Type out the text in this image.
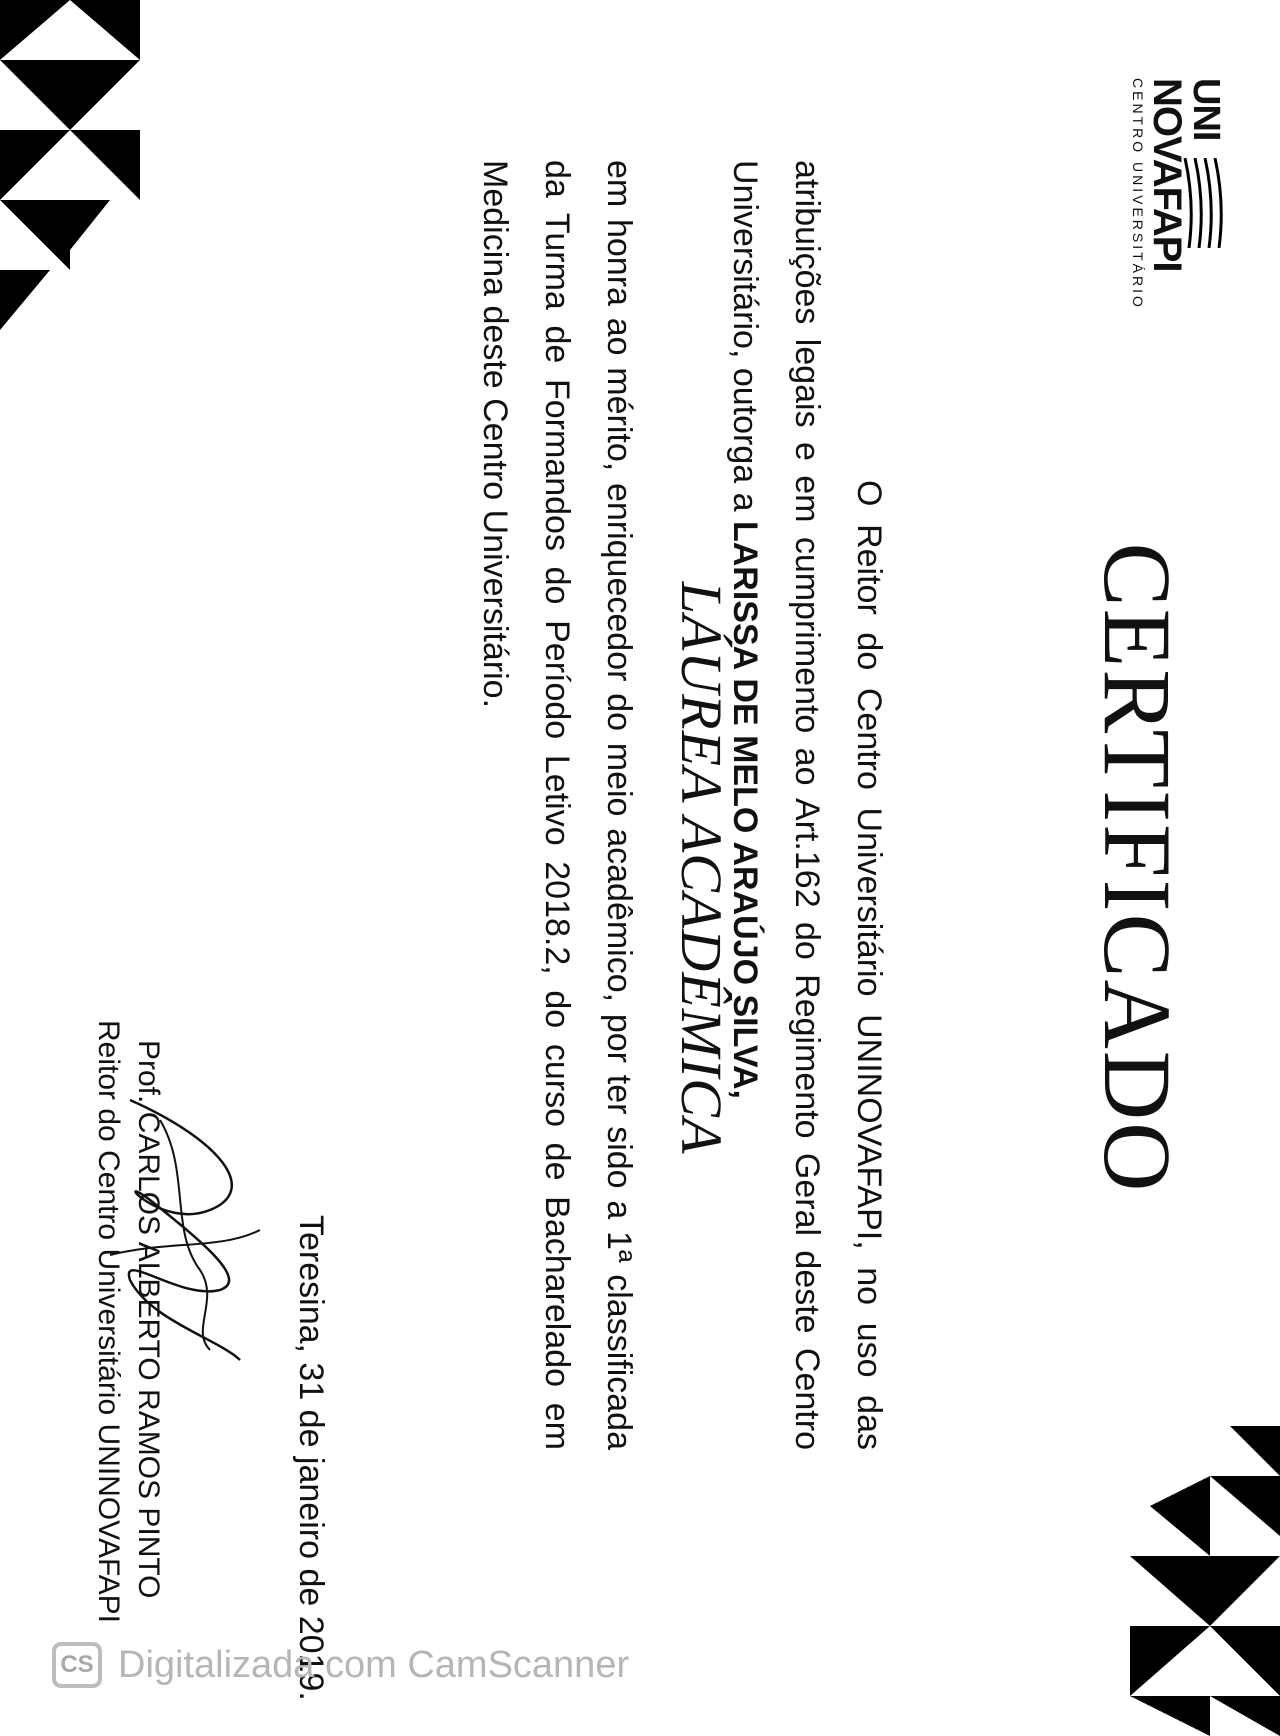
UNI
NOVAFAPI
CENTRO UNIVERSITÁRIO
CERTIFICADO
O Reitor do Centro Universitário UNINOVAFAPI, no uso das atribuições legais e em cumprimento ao Art.162 do Regimento Geral deste Centro Universitário, outorga a LARISSA DE MELO ARAÚJO SILVA,
LÁUREA ACADÊMICA
em honra ao mérito, enriquecedor do meio acadêmico, por ter sido a 1ª classificada da Turma de Formandos do Período Letivo 2018.2, do curso de Bacharelado em Medicina deste Centro Universitário.
Teresina, 31 de janeiro de 2019.
Prof. CARLOS ALBERTO RAMOS PINTO
Reitor do Centro Universitário UNINOVAFAPI
CS Digitalizada com CamScanner
